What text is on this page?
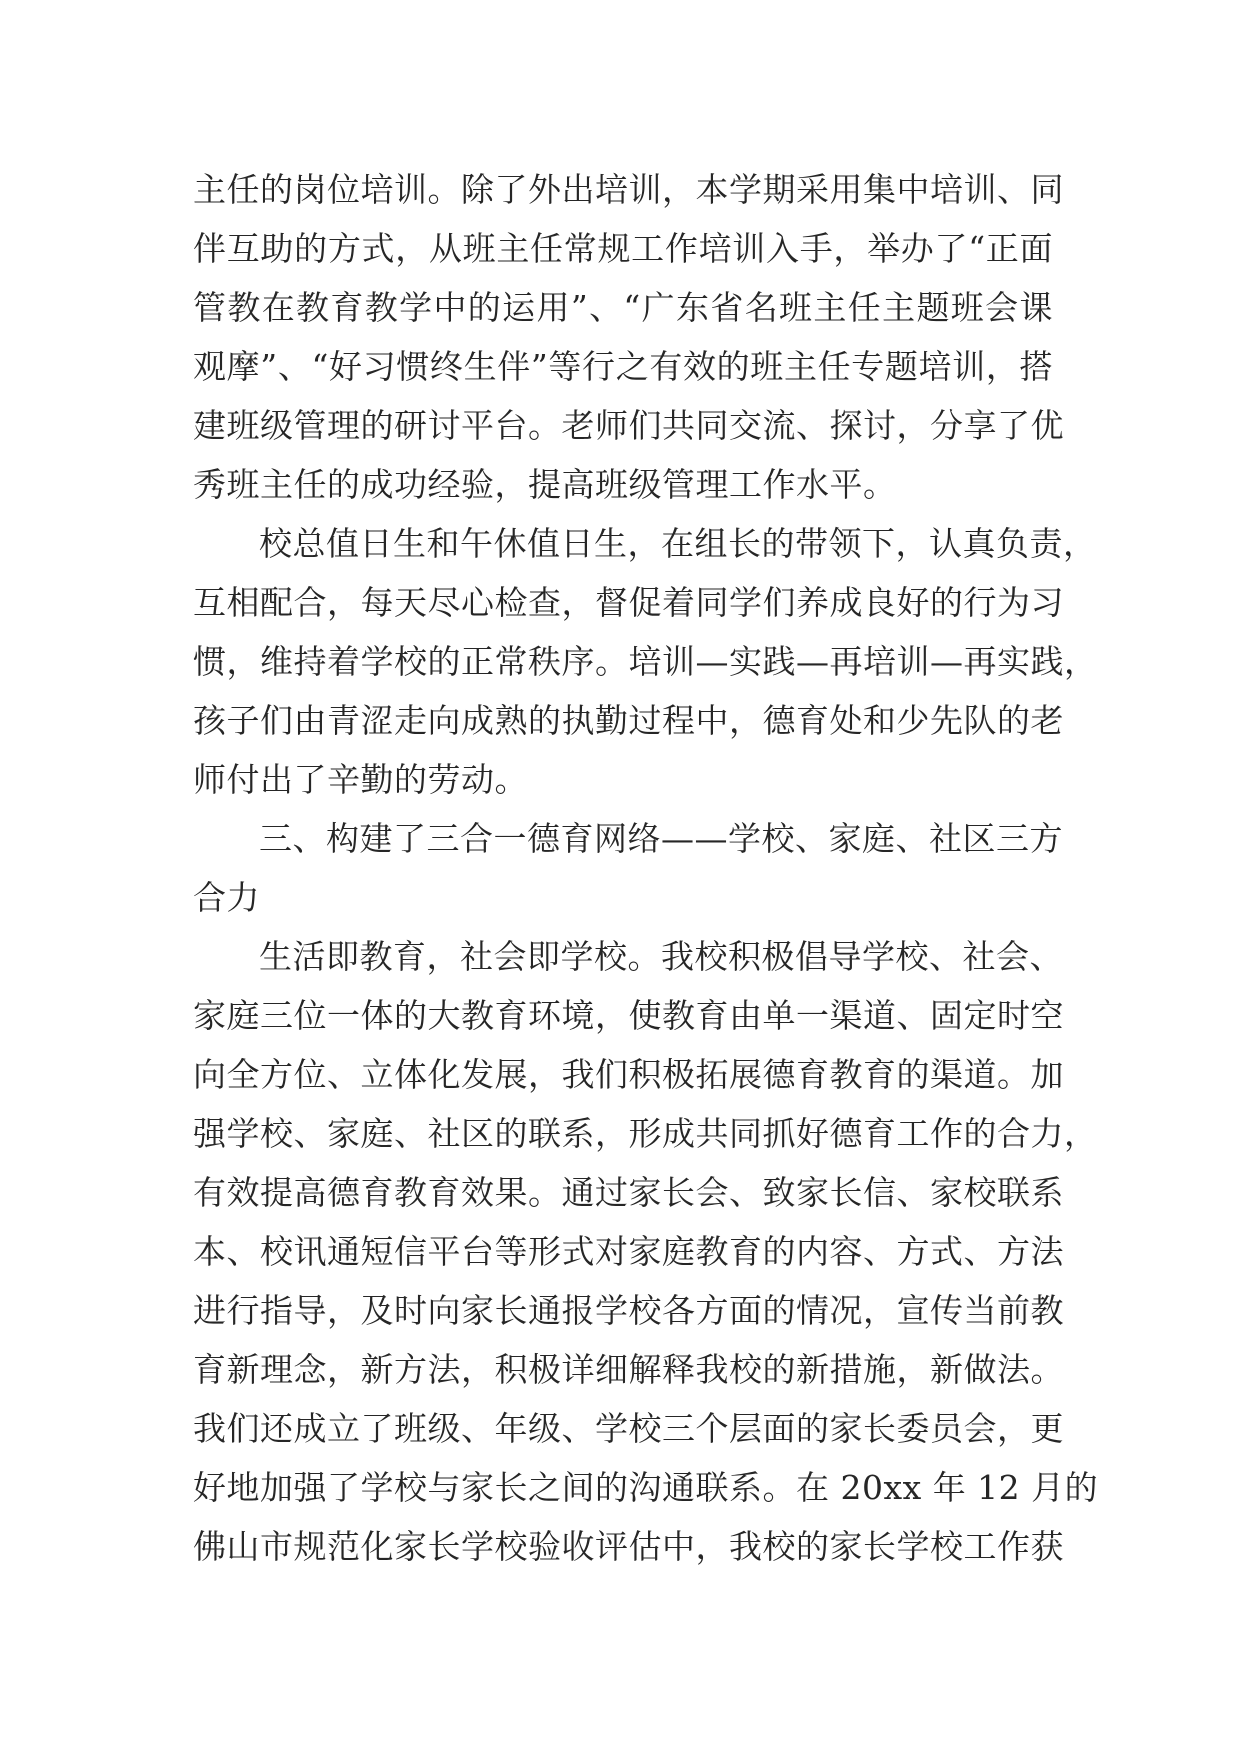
主任的岗位培训。除了外出培训，本学期采用集中培训、同
伴互助的方式，从班主任常规工作培训入手，举办了“正面
管教在教育教学中的运用”、“广东省名班主任主题班会课
观摩”、“好习惯终生伴”等行之有效的班主任专题培训，搭
建班级管理的研讨平台。老师们共同交流、探讨，分享了优
秀班主任的成功经验，提高班级管理工作水平。
校总值日生和午休值日生，在组长的带领下，认真负责，
互相配合，每天尽心检查，督促着同学们养成良好的行为习
惯，维持着学校的正常秩序。培训—实践—再培训—再实践，
孩子们由青涩走向成熟的执勤过程中，德育处和少先队的老
师付出了辛勤的劳动。
三、构建了三合一德育网络——学校、家庭、社区三方
合力
生活即教育，社会即学校。我校积极倡导学校、社会、
家庭三位一体的大教育环境，使教育由单一渠道、固定时空
向全方位、立体化发展，我们积极拓展德育教育的渠道。加
强学校、家庭、社区的联系，形成共同抓好德育工作的合力，
有效提高德育教育效果。通过家长会、致家长信、家校联系
本、校讯通短信平台等形式对家庭教育的内容、方式、方法
进行指导，及时向家长通报学校各方面的情况，宣传当前教
育新理念，新方法，积极详细解释我校的新措施，新做法。
我们还成立了班级、年级、学校三个层面的家长委员会，更
好地加强了学校与家长之间的沟通联系。在 20xx 年 12 月的
佛山市规范化家长学校验收评估中，我校的家长学校工作获
